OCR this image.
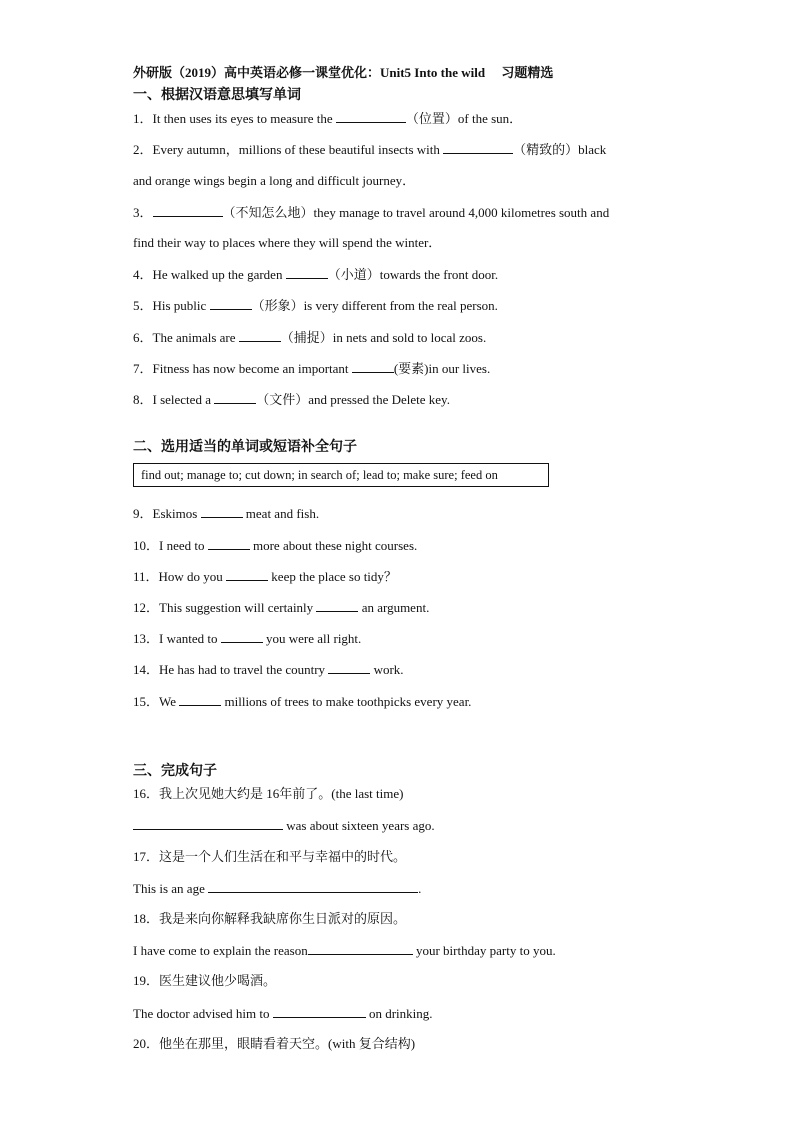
外研版（2019）高中英语必修一课堂优化：Unit5 Into the wild     习题精选
一、根据汉语意思填写单词
1．It then uses its eyes to measure the	（位置）of the sun．
2．Every autumn，millions of these beautiful insects with	（精致的）black
and orange wings begin a long and difficult journey．
3．	（不知怎么地）they manage to travel around 4,000 kilometres south and
find their way to places where they will spend the winter．
4．He walked up the garden	（小道）towards the front door.
5．His public	（形象）is very different from the real person.
6．The animals are	（捕捉）in nets and sold to local zoos.
7．Fitness has now become an important	(要素)in our lives.
8．I selected a	（文件）and pressed the Delete key.
二、选用适当的单词或短语补全句子
find out; manage to; cut down; in search of; lead to; make sure; feed on
9．Eskimos	meat and fish.
10．I need to	more about these night courses.
11．How do you	keep the place so tidy？
12．This suggestion will certainly	an argument.
13．I wanted to	you were all right.
14．He has had to travel the country	work.
15．We	millions of trees to make toothpicks every year.
三、完成句子
16．我上次见她大约是 16年前了。(the last time)
was about sixteen years ago.
17．这是一个人们生活在和平与幸福中的时代。
This is an age	.
18．我是来向你解释我缺席你生日派对的原因。
I have come to explain the reason	your birthday party to you.
19．医生建议他少喝酒。
The doctor advised him to	on drinking.
20．他坐在那里，眼睛看着天空。(with 复合结构)
